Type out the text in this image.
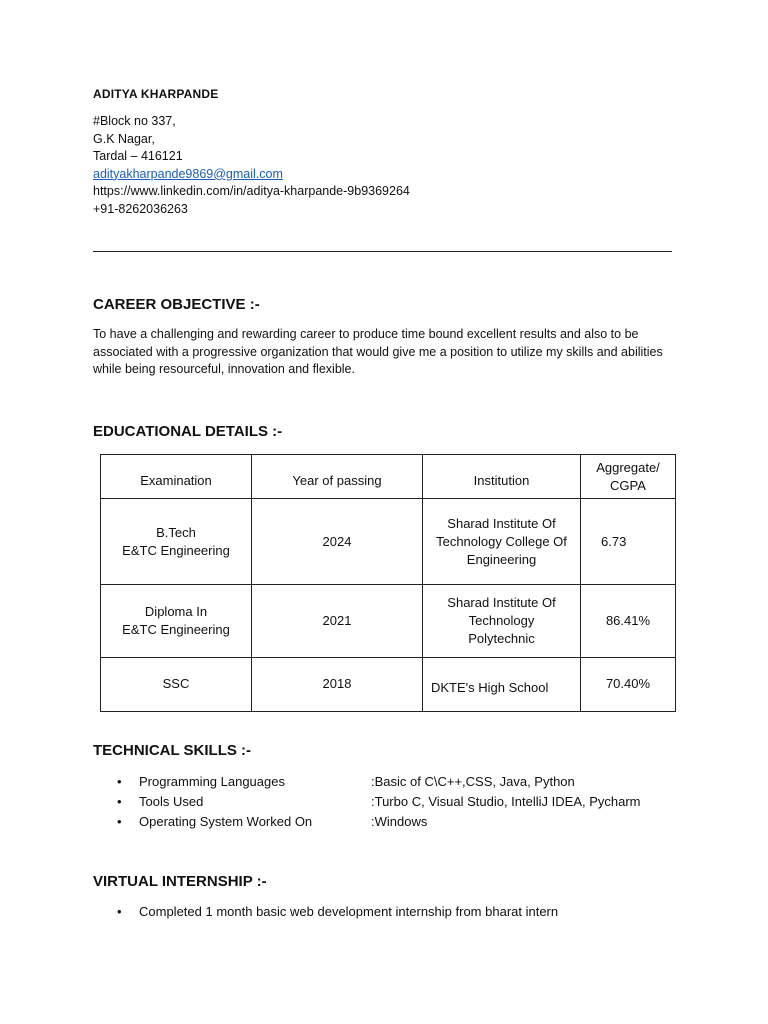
ADITYA KHARPANDE
#Block no 337,
G.K Nagar,
Tardal – 416121
adityakharpande9869@gmail.com
https://www.linkedin.com/in/aditya-kharpande-9b9369264
+91-8262036263
CAREER OBJECTIVE :-
To have a challenging and rewarding career to produce time bound excellent results and also to be associated with a progressive organization that would give me a position to utilize my skills and abilities while being resourceful, innovation and flexible.
EDUCATIONAL DETAILS :-
Examination	Year of passing	Institution	Aggregate/
CGPA

B.Tech
E&TC Engineering	2024	Sharad Institute Of
Technology College Of
Engineering	6.73

Diploma In
E&TC Engineering	2021	Sharad Institute Of
Technology
Polytechnic	86.41%

SSC	2018	DKTE's High School	70.40%
TECHNICAL SKILLS :-
• Programming Languages	:Basic of C\C++,CSS, Java, Python
• Tools Used	:Turbo C, Visual Studio, IntelliJ IDEA, Pycharm
• Operating System Worked On	:Windows
VIRTUAL INTERNSHIP :-
• Completed 1 month basic web development internship from bharat intern
